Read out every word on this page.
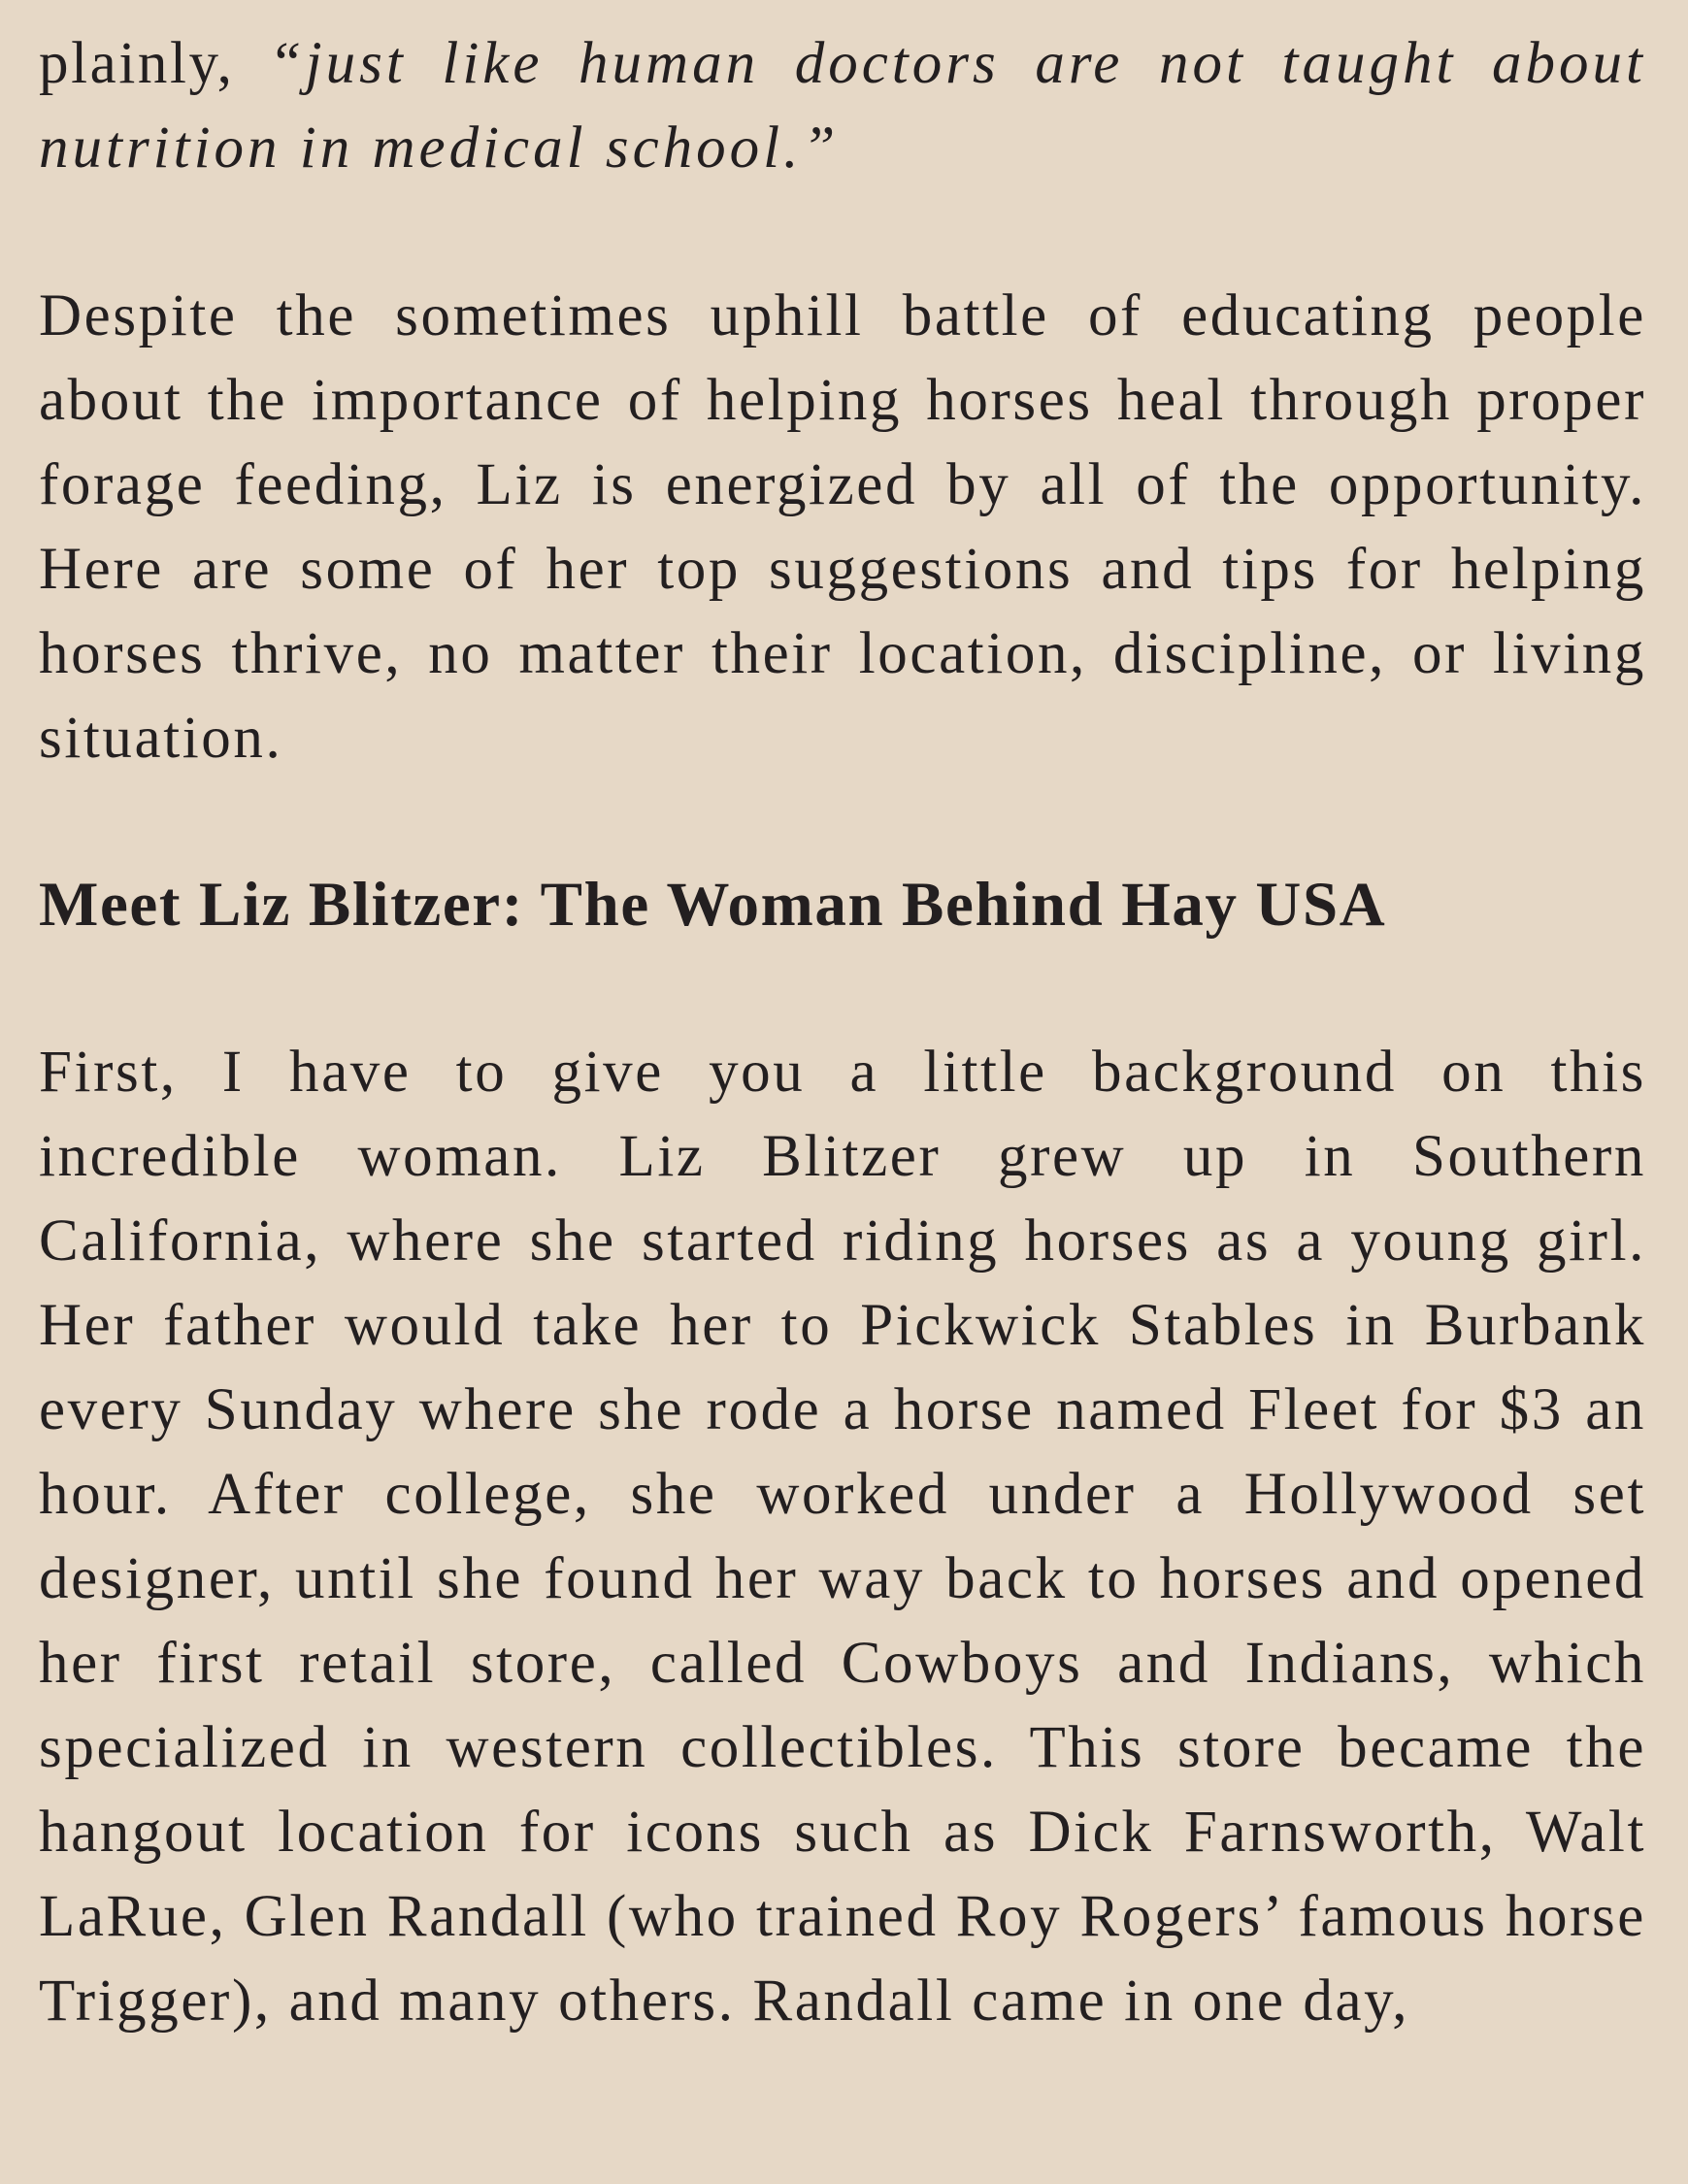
plainly, “just like human doctors are not taught about nutrition in medical school.”

Despite the sometimes uphill battle of educating people about the importance of helping horses heal through proper forage feeding, Liz is energized by all of the opportunity. Here are some of her top suggestions and tips for helping horses thrive, no matter their location, discipline, or living situation.

Meet Liz Blitzer: The Woman Behind Hay USA

First, I have to give you a little background on this incredible woman. Liz Blitzer grew up in Southern California, where she started riding horses as a young girl. Her father would take her to Pickwick Stables in Burbank every Sunday where she rode a horse named Fleet for $3 an hour. After college, she worked under a Hollywood set designer, until she found her way back to horses and opened her first retail store, called Cowboys and Indians, which specialized in western collectibles. This store became the hangout location for icons such as Dick Farnsworth, Walt LaRue, Glen Randall (who trained Roy Rogers’ famous horse Trigger), and many others. Randall came in one day,
